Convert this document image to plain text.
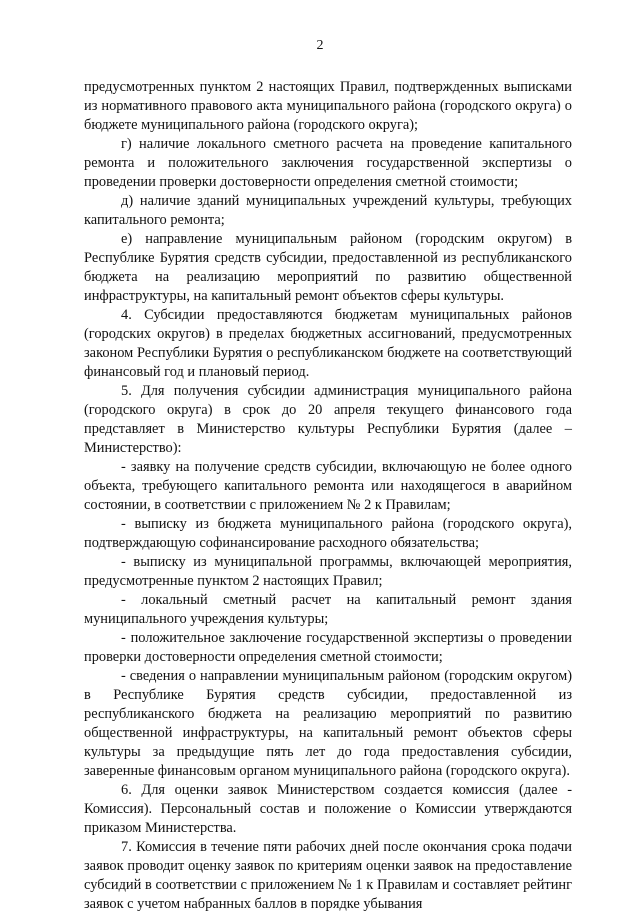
2

предусмотренных пунктом 2 настоящих Правил, подтвержденных выписками из нормативного правового акта муниципального района (городского округа) о бюджете муниципального района (городского округа);

г) наличие локального сметного расчета на проведение капитального ремонта и положительного заключения государственной экспертизы о проведении проверки достоверности определения сметной стоимости;

д) наличие зданий муниципальных учреждений культуры, требующих капитального ремонта;

е) направление муниципальным районом (городским округом) в Республике Бурятия средств субсидии, предоставленной из республиканского бюджета на реализацию мероприятий по развитию общественной инфраструктуры, на капитальный ремонт объектов сферы культуры.

4. Субсидии предоставляются бюджетам муниципальных районов (городских округов) в пределах бюджетных ассигнований, предусмотренных законом Республики Бурятия о республиканском бюджете на соответствующий финансовый год и плановый период.

5. Для получения субсидии администрация муниципального района (городского округа) в срок до 20 апреля текущего финансового года представляет в Министерство культуры Республики Бурятия (далее – Министерство):

- заявку на получение средств субсидии, включающую не более одного объекта, требующего капитального ремонта или находящегося в аварийном состоянии, в соответствии с приложением № 2 к Правилам;

- выписку из бюджета муниципального района (городского округа), подтверждающую софинансирование расходного обязательства;

- выписку из муниципальной программы, включающей мероприятия, предусмотренные пунктом 2 настоящих Правил;

- локальный сметный расчет на капитальный ремонт здания муниципального учреждения культуры;

- положительное заключение государственной экспертизы о проведении проверки достоверности определения сметной стоимости;

- сведения о направлении муниципальным районом (городским округом) в Республике Бурятия средств субсидии, предоставленной из республиканского бюджета на реализацию мероприятий по развитию общественной инфраструктуры, на капитальный ремонт объектов сферы культуры за предыдущие пять лет до года предоставления субсидии, заверенные финансовым органом муниципального района (городского округа).

6. Для оценки заявок Министерством создается комиссия (далее - Комиссия). Персональный состав и положение о Комиссии утверждаются приказом Министерства.

7. Комиссия в течение пяти рабочих дней после окончания срока подачи заявок проводит оценку заявок по критериям оценки заявок на предоставление субсидий в соответствии с приложением № 1 к Правилам и составляет рейтинг заявок с учетом набранных баллов в порядке убывания
